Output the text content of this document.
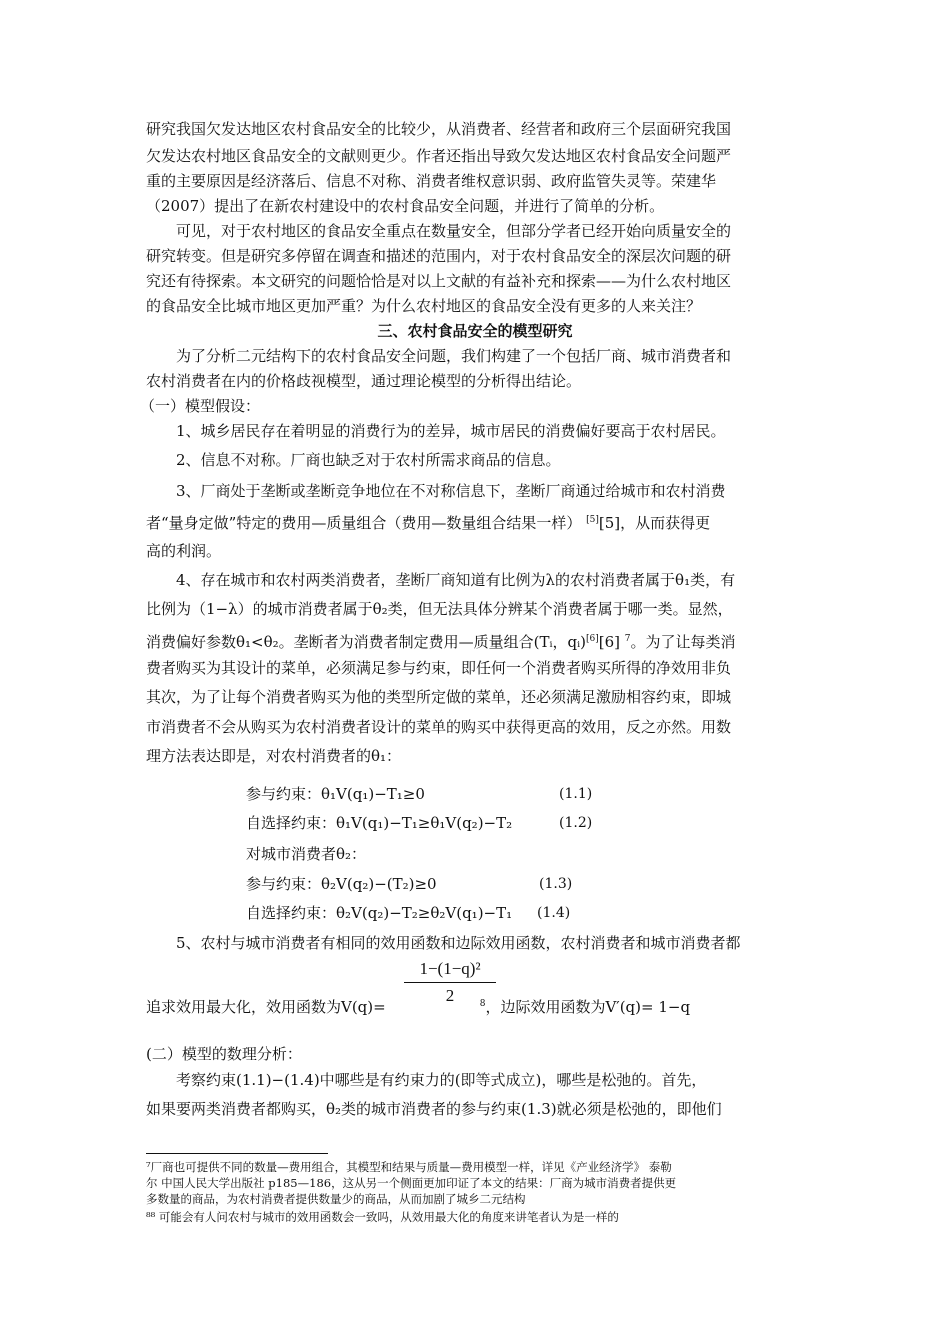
研究我国欠发达地区农村食品安全的比较少，从消费者、经营者和政府三个层面研究我国
欠发达农村地区食品安全的文献则更少。作者还指出导致欠发达地区农村食品安全问题严
重的主要原因是经济落后、信息不对称、消费者维权意识弱、政府监管失灵等。荣建华
（2007）提出了在新农村建设中的农村食品安全问题，并进行了简单的分析。
可见，对于农村地区的食品安全重点在数量安全，但部分学者已经开始向质量安全的
研究转变。但是研究多停留在调查和描述的范围内，对于农村食品安全的深层次问题的研
究还有待探索。本文研究的问题恰恰是对以上文献的有益补充和探索——为什么农村地区
的食品安全比城市地区更加严重？为什么农村地区的食品安全没有更多的人来关注？
三、农村食品安全的模型研究
为了分析二元结构下的农村食品安全问题，我们构建了一个包括厂商、城市消费者和
农村消费者在内的价格歧视模型，通过理论模型的分析得出结论。
（一）模型假设：
1、城乡居民存在着明显的消费行为的差异，城市居民的消费偏好要高于农村居民。
2、信息不对称。厂商也缺乏对于农村所需求商品的信息。
3、厂商处于垄断或垄断竞争地位在不对称信息下，垄断厂商通过给城市和农村消费
者“量身定做”特定的费用—质量组合（费用—数量组合结果一样） [5][5]，从而获得更
高的利润。
4、存在城市和农村两类消费者，垄断厂商知道有比例为λ的农村消费者属于θ₁类，有
比例为（1−λ）的城市消费者属于θ₂类，但无法具体分辨某个消费者属于哪一类。显然，
消费偏好参数θ₁<θ₂。垄断者为消费者制定费用—质量组合(Tᵢ，qᵢ)[6][6] $^7$。为了让每类消
费者购买为其设计的菜单，必须满足参与约束，即任何一个消费者购买所得的净效用非负
其次，为了让每个消费者购买为他的类型所定做的菜单，还必须满足激励相容约束，即城
市消费者不会从购买为农村消费者设计的菜单的购买中获得更高的效用，反之亦然。用数
理方法表达即是，对农村消费者的θ₁：
参与约束：θ₁V(q₁)−T₁≥0	(1.1)
自选择约束：θ₁V(q₁)−T₁≥θ₁V(q₂)−T₂	(1.2)
对城市消费者θ₂：
参与约束：θ₂V(q₂)−(T₂)≥0	(1.3)
自选择约束：θ₂V(q₂)−T₂≥θ₂V(q₁)−T₁ (1.4)
5、农村与城市消费者有相同的效用函数和边际效用函数，农村消费者和城市消费者都
1−(1−q)²
2
追求效用最大化，效用函数为V(q)=	$^8$，边际效用函数为V′(q)= 1−q
(二）模型的数理分析：
考察约束(1.1)−(1.4)中哪些是有约束力的(即等式成立)，哪些是松弛的。首先，
如果要两类消费者都购买，θ₂类的城市消费者的参与约束(1.3)就必须是松弛的，即他们
⁷厂商也可提供不同的数量—费用组合，其模型和结果与质量—费用模型一样，详见《产业经济学》 泰勒
尔 中国人民大学出版社 p185—186，这从另一个侧面更加印证了本文的结果：厂商为城市消费者提供更
多数量的商品，为农村消费者提供数量少的商品，从而加剧了城乡二元结构
⁸⁸ 可能会有人问农村与城市的效用函数会一致吗，从效用最大化的角度来讲笔者认为是一样的
